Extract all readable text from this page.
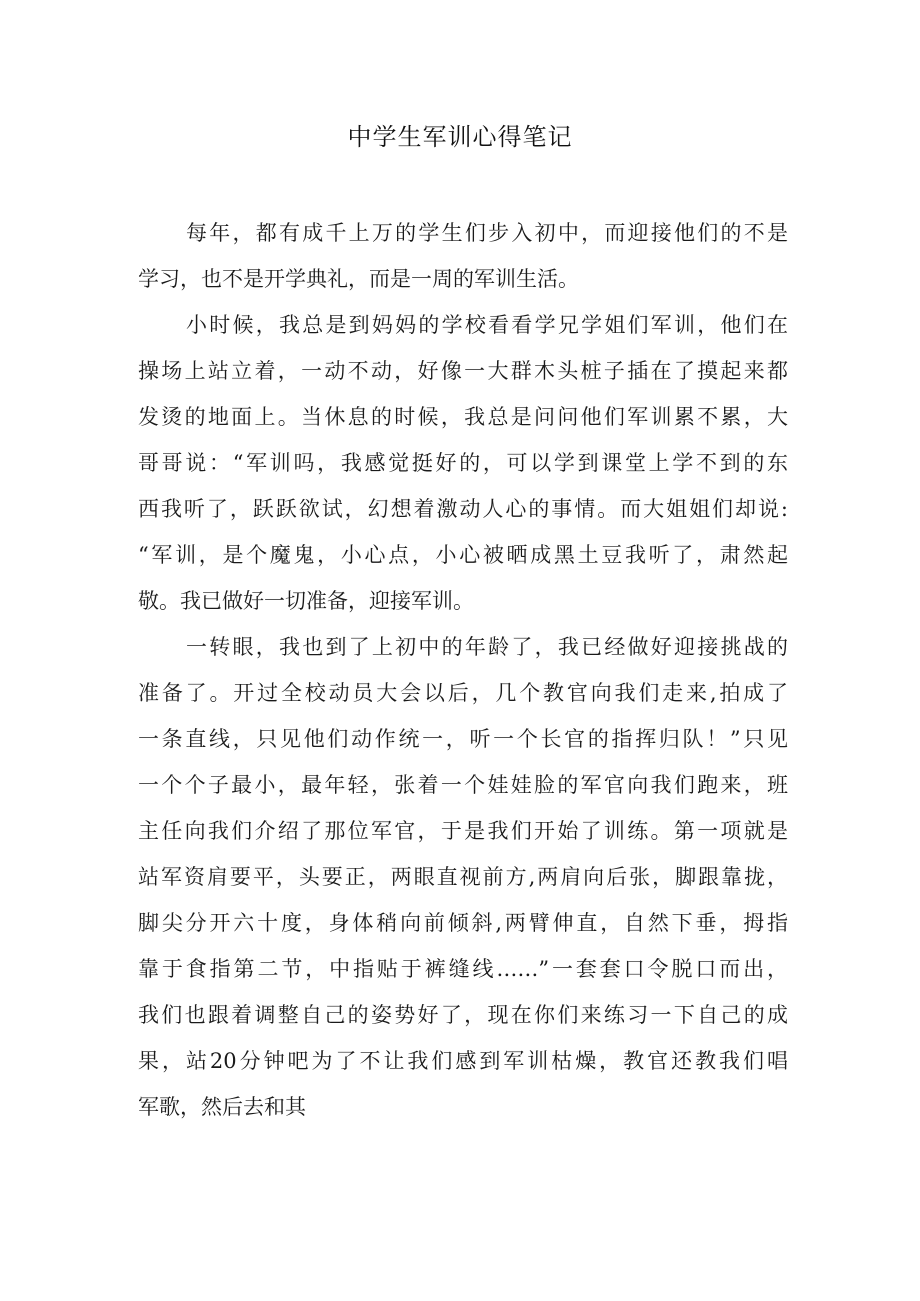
中学生军训心得笔记
每年，都有成千上万的学生们步入初中，而迎接他们的不是
学习，也不是开学典礼，而是一周的军训生活。
小时候，我总是到妈妈的学校看看学兄学姐们军训，他们在
操场上站立着，一动不动，好像一大群木头桩子插在了摸起来都
发烫的地面上。当休息的时候，我总是问问他们军训累不累，大
哥哥说：“军训吗，我感觉挺好的，可以学到课堂上学不到的东
西我听了，跃跃欲试，幻想着激动人心的事情。而大姐姐们却说:
“军训，是个魔鬼，小心点，小心被晒成黑土豆我听了，肃然起
敬。我已做好一切准备，迎接军训。
一转眼，我也到了上初中的年龄了，我已经做好迎接挑战的
准备了。开过全校动员大会以后，几个教官向我们走来,拍成了
一条直线，只见他们动作统一，听一个长官的指挥归队！”只见
一个个子最小，最年轻，张着一个娃娃脸的军官向我们跑来，班
主任向我们介绍了那位军官，于是我们开始了训练。第一项就是
站军资肩要平，头要正，两眼直视前方,两肩向后张，脚跟靠拢，
脚尖分开六十度，身体稍向前倾斜,两臂伸直，自然下垂，拇指
靠于食指第二节，中指贴于裤缝线……”一套套口令脱口而出，
我们也跟着调整自己的姿势好了，现在你们来练习一下自己的成
果，站20分钟吧为了不让我们感到军训枯燥，教官还教我们唱
军歌，然后去和其
